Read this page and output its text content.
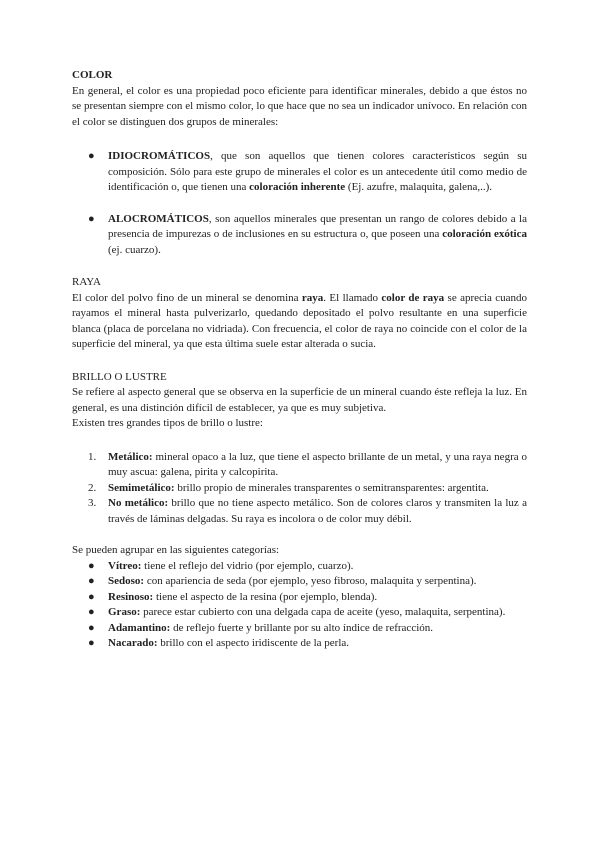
COLOR

En general, el color es una propiedad poco eficiente para identificar minerales, debido a que éstos no se presentan siempre con el mismo color, lo que hace que no sea un indicador unívoco. En relación con el color se distinguen dos grupos de minerales:

● IDIOCROMÁTICOS, que son aquellos que tienen colores característicos según su composición. Sólo para este grupo de minerales el color es un antecedente útil como medio de identificación o, que tienen una coloración inherente (Ej. azufre, malaquita, galena,..).
● ALOCROMÁTICOS, son aquellos minerales que presentan un rango de colores debido a la presencia de impurezas o de inclusiones en su estructura o, que poseen una coloración exótica (ej. cuarzo).

RAYA

El color del polvo fino de un mineral se denomina raya. El llamado color de raya se aprecia cuando rayamos el mineral hasta pulverizarlo, quedando depositado el polvo resultante en una superficie blanca (placa de porcelana no vidriada). Con frecuencia, el color de raya no coincide con el color de la superficie del mineral, ya que esta última suele estar alterada o sucia.

BRILLO O LUSTRE

Se refiere al aspecto general que se observa en la superficie de un mineral cuando éste refleja la luz. En general, es una distinción difícil de establecer, ya que es muy subjetiva.

Existen tres grandes tipos de brillo o lustre:

1. Metálico: mineral opaco a la luz, que tiene el aspecto brillante de un metal, y una raya negra o muy ascua: galena, pirita y calcopirita.
2. Semimetálico: brillo propio de minerales transparentes o semitransparentes: argentita.
3. No metálico: brillo que no tiene aspecto metálico. Son de colores claros y transmiten la luz a través de láminas delgadas. Su raya es incolora o de color muy débil.

Se pueden agrupar en las siguientes categorías:

● Vítreo: tiene el reflejo del vidrio (por ejemplo, cuarzo).
● Sedoso: con apariencia de seda (por ejemplo, yeso fibroso, malaquita y serpentina).
● Resinoso: tiene el aspecto de la resina (por ejemplo, blenda).
● Graso: parece estar cubierto con una delgada capa de aceite (yeso, malaquita, serpentina).
● Adamantino: de reflejo fuerte y brillante por su alto índice de refracción.
● Nacarado: brillo con el aspecto iridiscente de la perla.
